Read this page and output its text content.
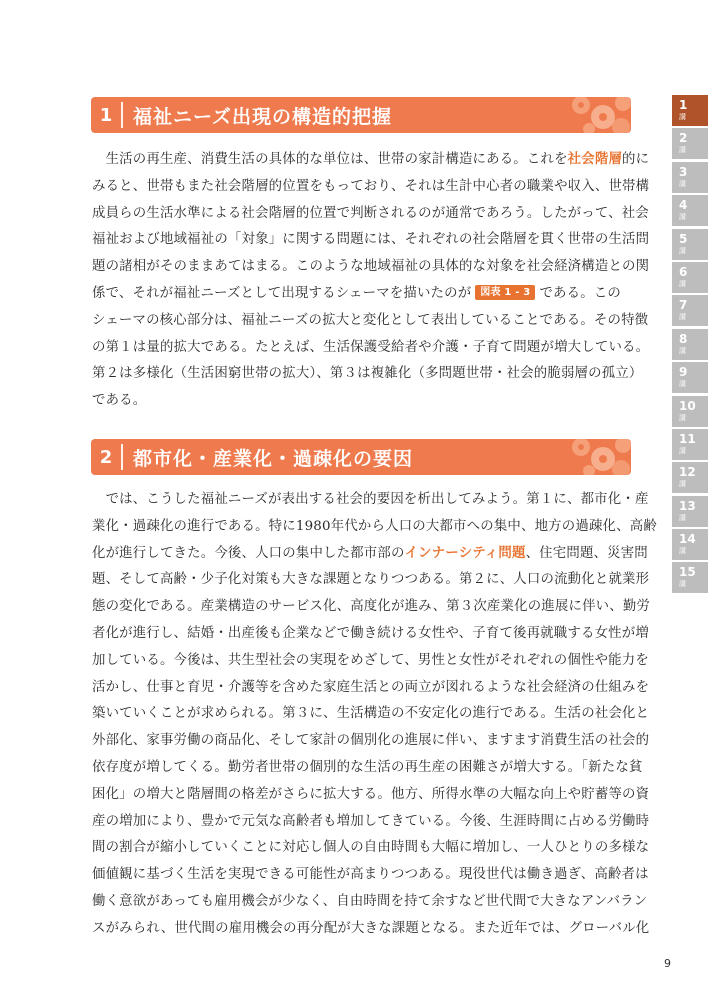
1	福祉ニーズ出現の構造的把握
　生活の再生産、消費生活の具体的な単位は、世帯の家計構造にある。これを社会階層的に
みると、世帯もまた社会階層的位置をもっており、それは生計中心者の職業や収入、世帯構
成員らの生活水準による社会階層的位置で判断されるのが通常であろう。したがって、社会
福祉および地域福祉の「対象」に関する問題には、それぞれの社会階層を貫く世帯の生活問
題の諸相がそのままあてはまる。このような地域福祉の具体的な対象を社会経済構造との関
係で、それが福祉ニーズとして出現するシェーマを描いたのが 図表 1 - 3 である。この
シェーマの核心部分は、福祉ニーズの拡大と変化として表出していることである。その特徴
の第１は量的拡大である。たとえば、生活保護受給者や介護・子育て問題が増大している。
第２は多様化（生活困窮世帯の拡大）、第３は複雑化（多問題世帯・社会的脆弱層の孤立）
である。
2	都市化・産業化・過疎化の要因
　では、こうした福祉ニーズが表出する社会的要因を析出してみよう。第１に、都市化・産
業化・過疎化の進行である。特に1980年代から人口の大都市への集中、地方の過疎化、高齢
化が進行してきた。今後、人口の集中した都市部のインナーシティ問題、住宅問題、災害問
題、そして高齢・少子化対策も大きな課題となりつつある。第２に、人口の流動化と就業形
態の変化である。産業構造のサービス化、高度化が進み、第３次産業化の進展に伴い、勤労
者化が進行し、結婚・出産後も企業などで働き続ける女性や、子育て後再就職する女性が増
加している。今後は、共生型社会の実現をめざして、男性と女性がそれぞれの個性や能力を
活かし、仕事と育児・介護等を含めた家庭生活との両立が図れるような社会経済の仕組みを
築いていくことが求められる。第３に、生活構造の不安定化の進行である。生活の社会化と
外部化、家事労働の商品化、そして家計の個別化の進展に伴い、ますます消費生活の社会的
依存度が増してくる。勤労者世帯の個別的な生活の再生産の困難さが増大する。「新たな貧
困化」の増大と階層間の格差がさらに拡大する。他方、所得水準の大幅な向上や貯蓄等の資
産の増加により、豊かで元気な高齢者も増加してきている。今後、生涯時間に占める労働時
間の割合が縮小していくことに対応し個人の自由時間も大幅に増加し、一人ひとりの多様な
価値観に基づく生活を実現できる可能性が高まりつつある。現役世代は働き過ぎ、高齢者は
働く意欲があっても雇用機会が少なく、自由時間を持て余すなど世代間で大きなアンバラン
スがみられ、世代間の雇用機会の再分配が大きな課題となる。また近年では、グローバル化
1
講
2
講
3
講
4
講
5
講
6
講
7
講
8
講
9
講
10
講
11
講
12
講
13
講
14
講
15
講
9
